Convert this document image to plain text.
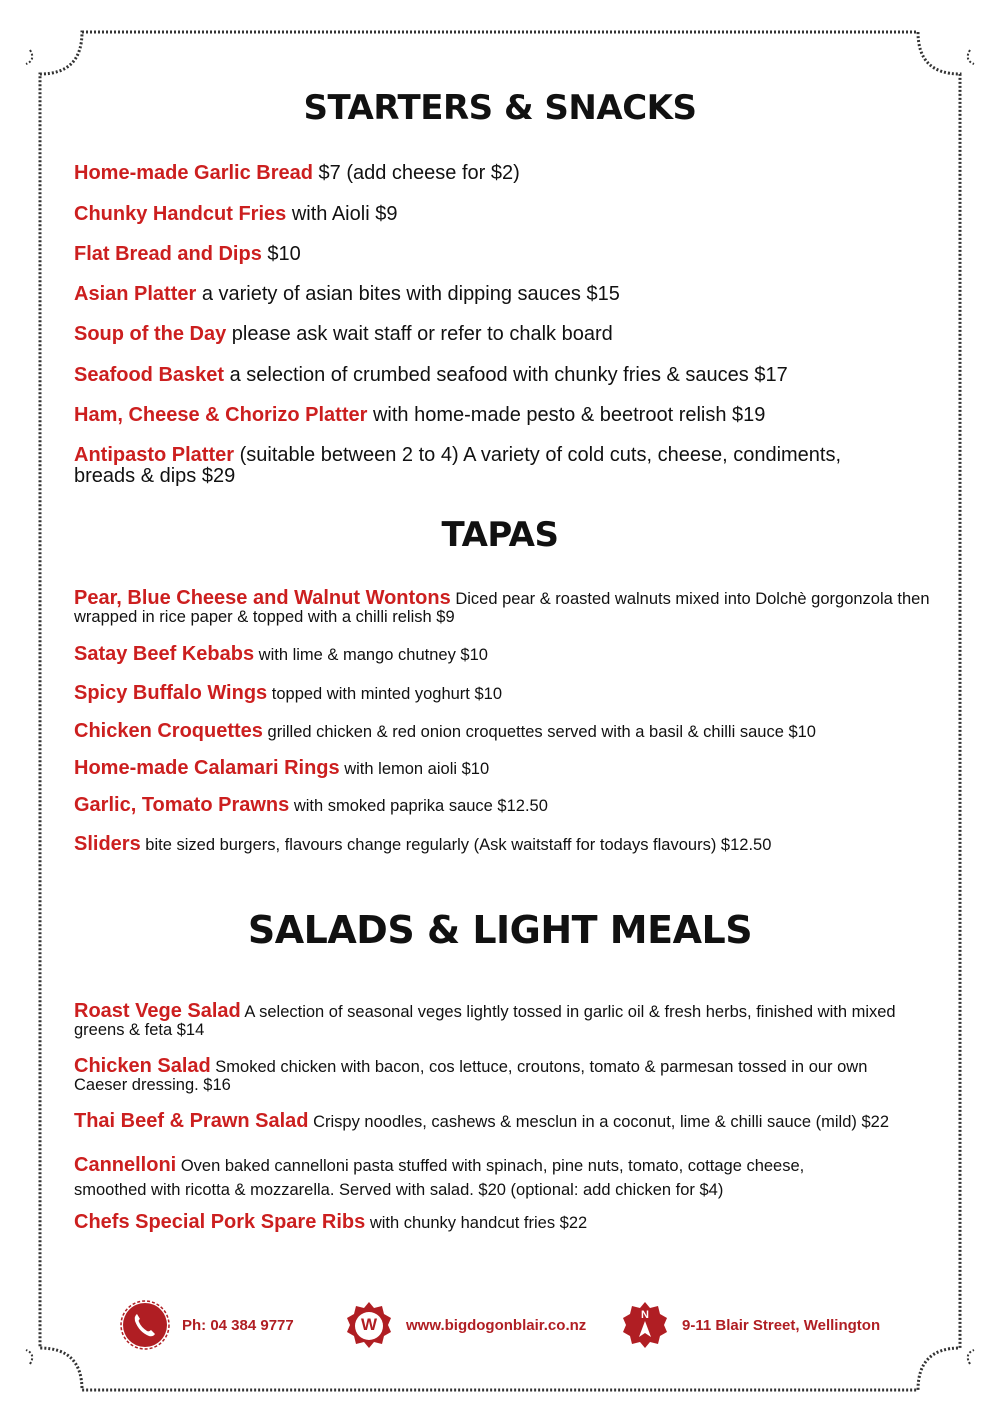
STARTERS & SNACKS
Home-made Garlic Bread $7 (add cheese for $2)
Chunky Handcut Fries with Aioli $9
Flat Bread and Dips $10
Asian Platter a variety of asian bites with dipping sauces $15
Soup of the Day please ask wait staff or refer to chalk board
Seafood Basket a selection of crumbed seafood with chunky fries & sauces $17
Ham, Cheese & Chorizo Platter with home-made pesto & beetroot relish $19
Antipasto Platter (suitable between 2 to 4) A variety of cold cuts, cheese, condiments, breads & dips $29
TAPAS
Pear, Blue Cheese and Walnut Wontons Diced pear & roasted walnuts mixed into Dolchè gorgonzola then wrapped in rice paper & topped with a chilli relish $9
Satay Beef Kebabs with lime & mango chutney $10
Spicy Buffalo Wings topped with minted yoghurt $10
Chicken Croquettes grilled chicken & red onion croquettes served with a basil & chilli sauce $10
Home-made Calamari Rings with lemon aioli $10
Garlic, Tomato Prawns with smoked paprika sauce $12.50
Sliders bite sized burgers, flavours change regularly (Ask waitstaff for todays flavours) $12.50
SALADS & LIGHT MEALS
Roast Vege Salad A selection of seasonal veges lightly tossed in garlic oil & fresh herbs, finished with mixed greens & feta $14
Chicken Salad Smoked chicken with bacon, cos lettuce, croutons, tomato & parmesan tossed in our own Caeser dressing. $16
Thai Beef & Prawn Salad Crispy noodles, cashews & mesclun in a coconut, lime & chilli sauce (mild) $22
Cannelloni Oven baked cannelloni pasta stuffed with spinach, pine nuts, tomato, cottage cheese, smoothed with ricotta & mozzarella. Served with salad. $20 (optional: add chicken for $4)
Chefs Special Pork Spare Ribs with chunky handcut fries $22
Ph: 04 384 9777	W	www.bigdogonblair.co.nz
N
9-11 Blair Street, Wellington
